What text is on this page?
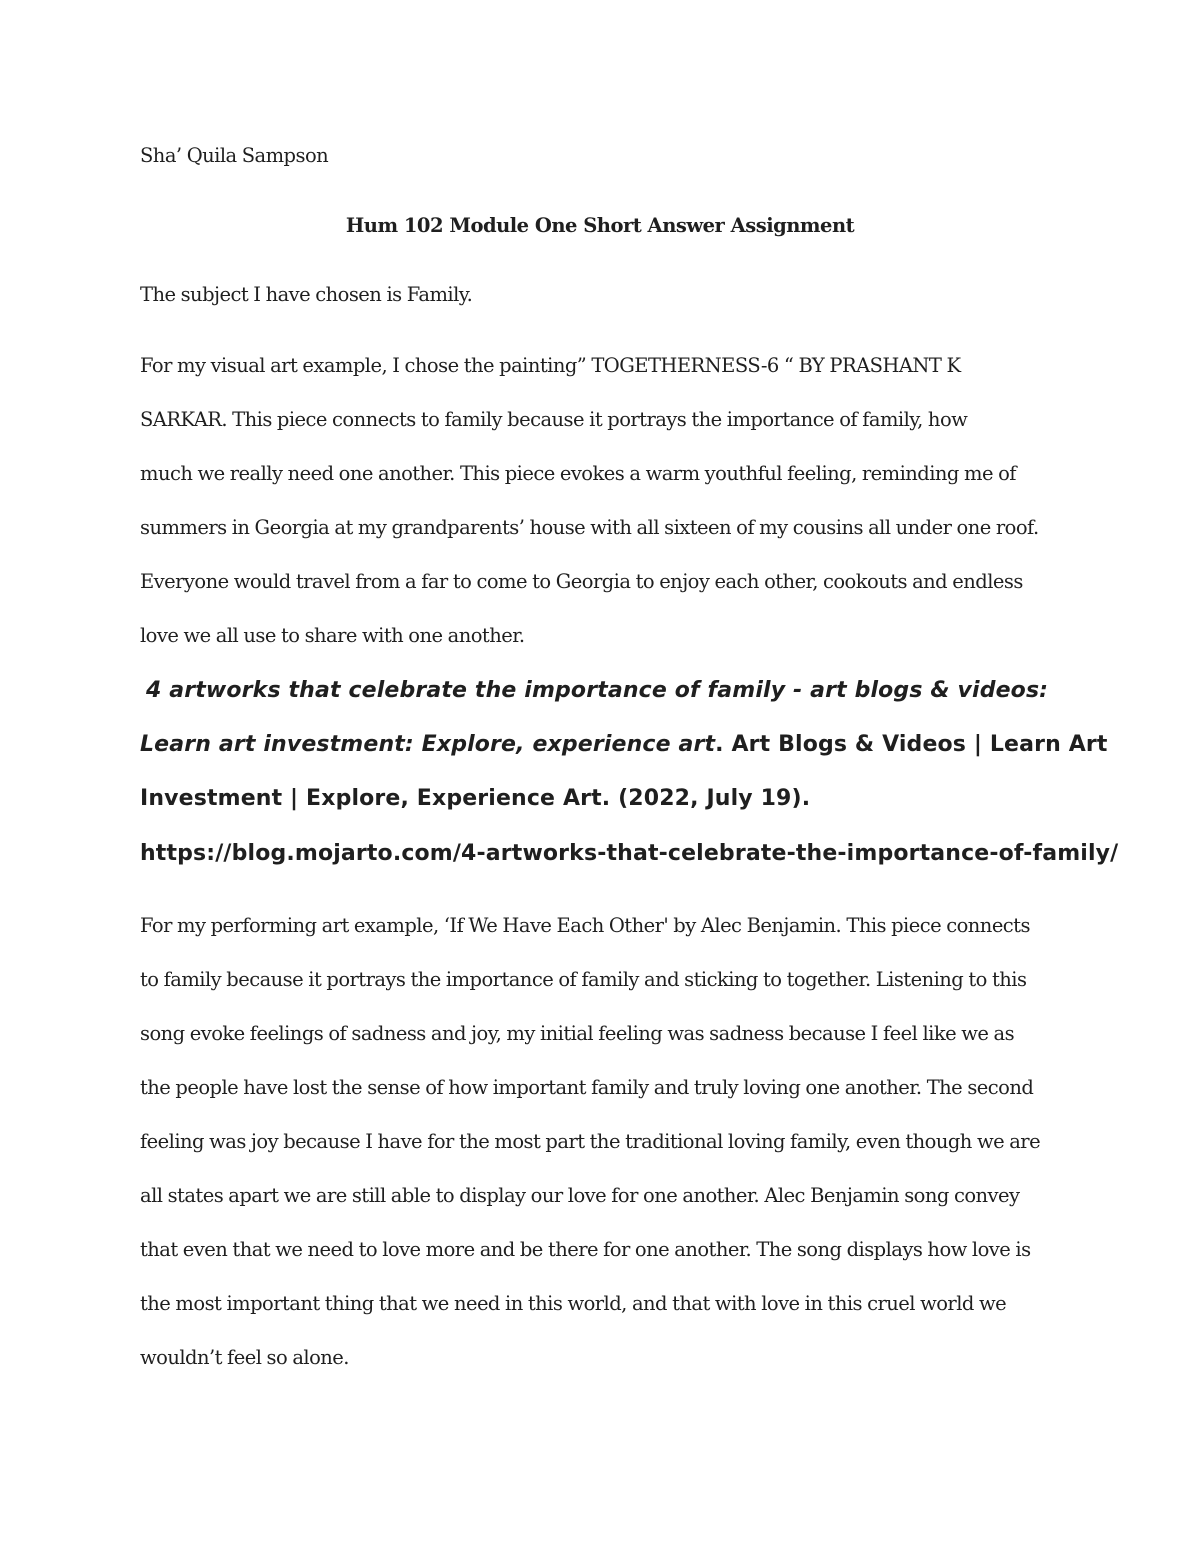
Sha’ Quila Sampson
Hum 102 Module One Short Answer Assignment
The subject I have chosen is Family.
For my visual art example, I chose the painting” TOGETHERNESS-6 “ BY PRASHANT K
SARKAR. This piece connects to family because it portrays the importance of family, how
much we really need one another. This piece evokes a warm youthful feeling, reminding me of
summers in Georgia at my grandparents’ house with all sixteen of my cousins all under one roof.
Everyone would travel from a far to come to Georgia to enjoy each other, cookouts and endless
love we all use to share with one another.
4 artworks that celebrate the importance of family - art blogs & videos:
Learn art investment: Explore, experience art. Art Blogs & Videos | Learn Art
Investment | Explore, Experience Art. (2022, July 19).
https://blog.mojarto.com/4-artworks-that-celebrate-the-importance-of-family/
For my performing art example, ‘If We Have Each Other' by Alec Benjamin. This piece connects
to family because it portrays the importance of family and sticking to together. Listening to this
song evoke feelings of sadness and joy, my initial feeling was sadness because I feel like we as
the people have lost the sense of how important family and truly loving one another. The second
feeling was joy because I have for the most part the traditional loving family, even though we are
all states apart we are still able to display our love for one another. Alec Benjamin song convey
that even that we need to love more and be there for one another. The song displays how love is
the most important thing that we need in this world, and that with love in this cruel world we
wouldn’t feel so alone.
